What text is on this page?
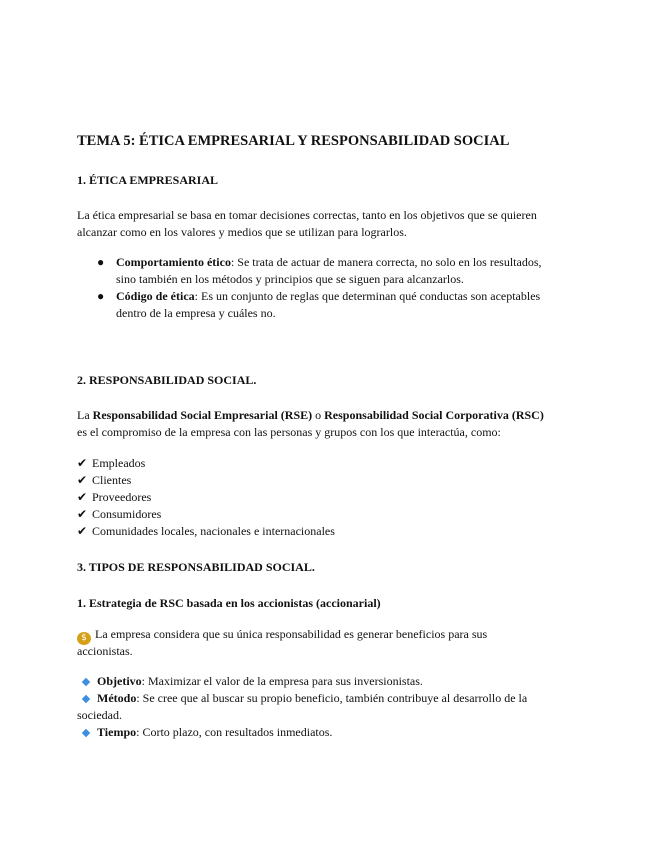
TEMA 5: ÉTICA EMPRESARIAL Y RESPONSABILIDAD SOCIAL
1. ÉTICA EMPRESARIAL
La ética empresarial se basa en tomar decisiones correctas, tanto en los objetivos que se quieren
alcanzar como en los valores y medios que se utilizan para lograrlos.
● Comportamiento ético: Se trata de actuar de manera correcta, no solo en los resultados,
sino también en los métodos y principios que se siguen para alcanzarlos.
● Código de ética: Es un conjunto de reglas que determinan qué conductas son aceptables
dentro de la empresa y cuáles no.
2. RESPONSABILIDAD SOCIAL.
La Responsabilidad Social Empresarial (RSE) o Responsabilidad Social Corporativa (RSC)
es el compromiso de la empresa con las personas y grupos con los que interactúa, como:
✔ Empleados
✔ Clientes
✔ Proveedores
✔ Consumidores
✔ Comunidades locales, nacionales e internacionales
3. TIPOS DE RESPONSABILIDAD SOCIAL.
1. Estrategia de RSC basada en los accionistas (accionarial)
$ La empresa considera que su única responsabilidad es generar beneficios para sus
accionistas.
Objetivo: Maximizar el valor de la empresa para sus inversionistas.
Método: Se cree que al buscar su propio beneficio, también contribuye al desarrollo de la
sociedad.
Tiempo: Corto plazo, con resultados inmediatos.
